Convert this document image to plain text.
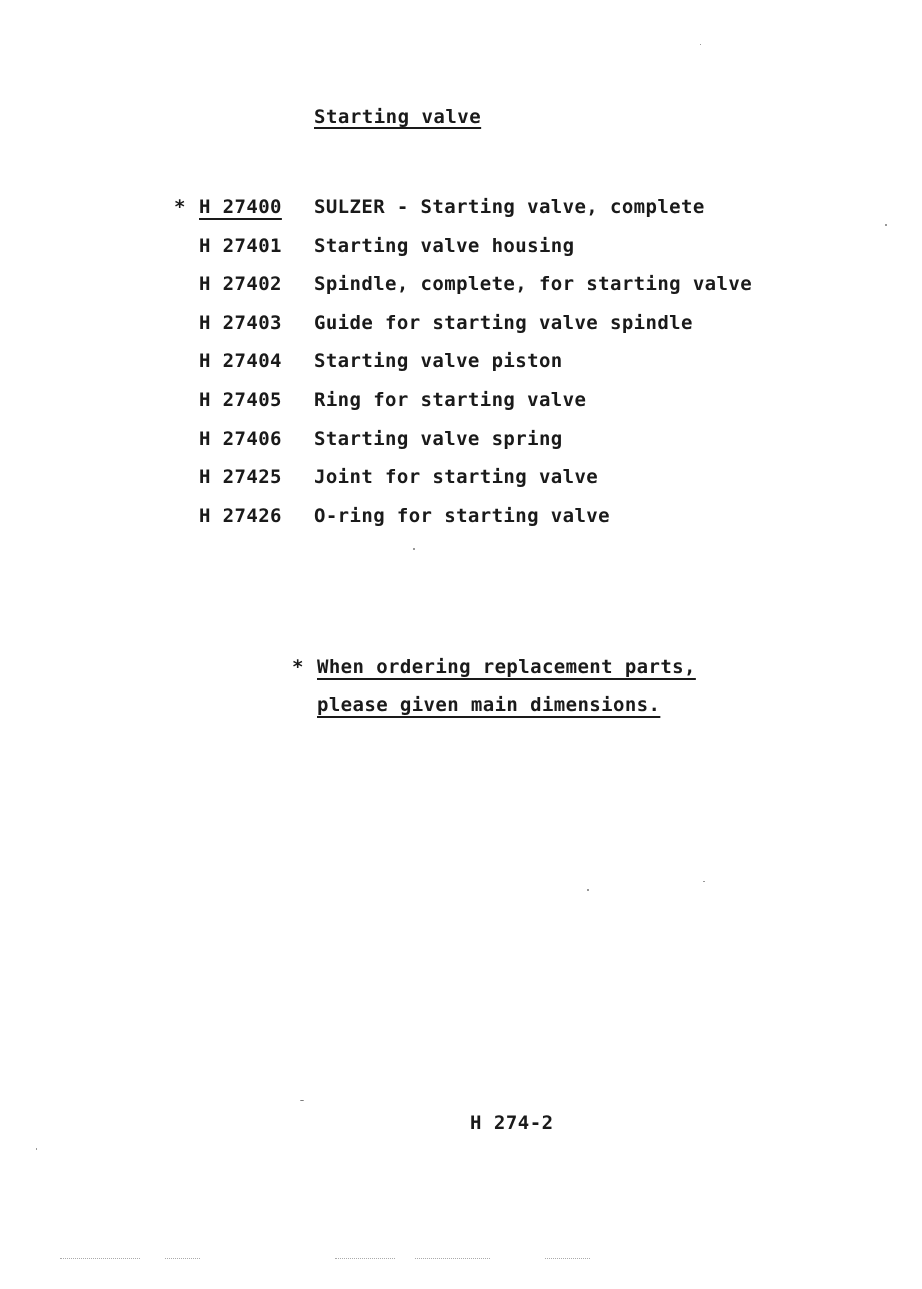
Starting valve
* H 27400 SULZER - Starting valve, complete
H 27401 Starting valve housing
H 27402 Spindle, complete, for starting valve
H 27403 Guide for starting valve spindle
H 27404 Starting valve piston
H 27405 Ring for starting valve
H 27406 Starting valve spring
H 27425 Joint for starting valve
H 27426 O-ring for starting valve
* When ordering replacement parts,
please given main dimensions.
H 274-2
